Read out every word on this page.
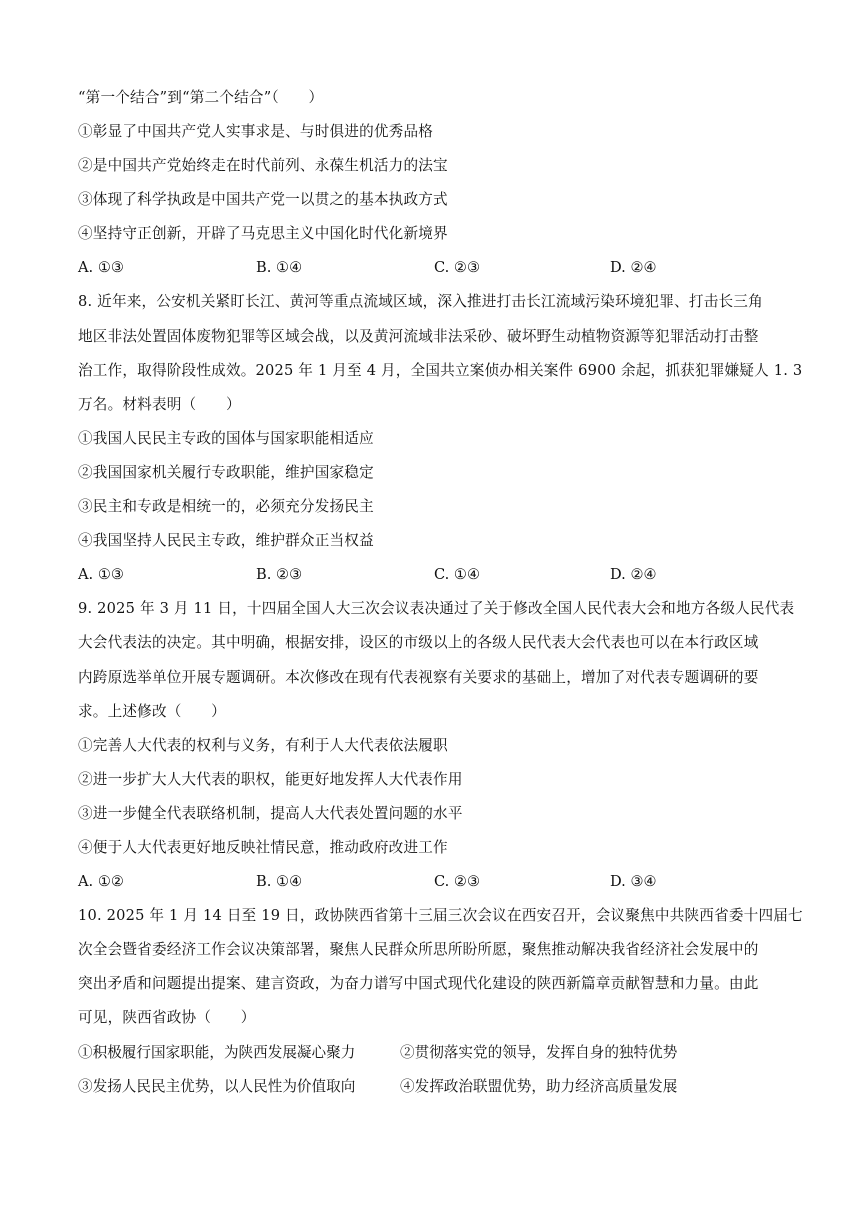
“第一个结合”到“第二个结合”（　　）
①彰显了中国共产党人实事求是、与时俱进的优秀品格
②是中国共产党始终走在时代前列、永葆生机活力的法宝
③体现了科学执政是中国共产党一以贯之的基本执政方式
④坚持守正创新，开辟了马克思主义中国化时代化新境界
A. ①③	B. ①④	C. ②③	D. ②④
8. 近年来，公安机关紧盯长江、黄河等重点流域区域，深入推进打击长江流域污染环境犯罪、打击长三角
地区非法处置固体废物犯罪等区域会战，以及黄河流域非法采砂、破坏野生动植物资源等犯罪活动打击整
治工作，取得阶段性成效。2025 年 1 月至 4 月，全国共立案侦办相关案件 6900 余起，抓获犯罪嫌疑人 1. 3
万名。材料表明（　　）
①我国人民民主专政的国体与国家职能相适应
②我国国家机关履行专政职能，维护国家稳定
③民主和专政是相统一的，必须充分发扬民主
④我国坚持人民民主专政，维护群众正当权益
A. ①③	B. ②③	C. ①④	D. ②④
9. 2025 年 3 月 11 日，十四届全国人大三次会议表决通过了关于修改全国人民代表大会和地方各级人民代表
大会代表法的决定。其中明确，根据安排，设区的市级以上的各级人民代表大会代表也可以在本行政区域
内跨原选举单位开展专题调研。本次修改在现有代表视察有关要求的基础上，增加了对代表专题调研的要
求。上述修改（　　）
①完善人大代表的权利与义务，有利于人大代表依法履职
②进一步扩大人大代表的职权，能更好地发挥人大代表作用
③进一步健全代表联络机制，提高人大代表处置问题的水平
④便于人大代表更好地反映社情民意，推动政府改进工作
A. ①②	B. ①④	C. ②③	D. ③④
10. 2025 年 1 月 14 日至 19 日，政协陕西省第十三届三次会议在西安召开，会议聚焦中共陕西省委十四届七
次全会暨省委经济工作会议决策部署，聚焦人民群众所思所盼所愿，聚焦推动解决我省经济社会发展中的
突出矛盾和问题提出提案、建言资政，为奋力谱写中国式现代化建设的陕西新篇章贡献智慧和力量。由此
可见，陕西省政协（　　）
①积极履行国家职能，为陕西发展凝心聚力	②贯彻落实党的领导，发挥自身的独特优势
③发扬人民民主优势，以人民性为价值取向	④发挥政治联盟优势，助力经济高质量发展
